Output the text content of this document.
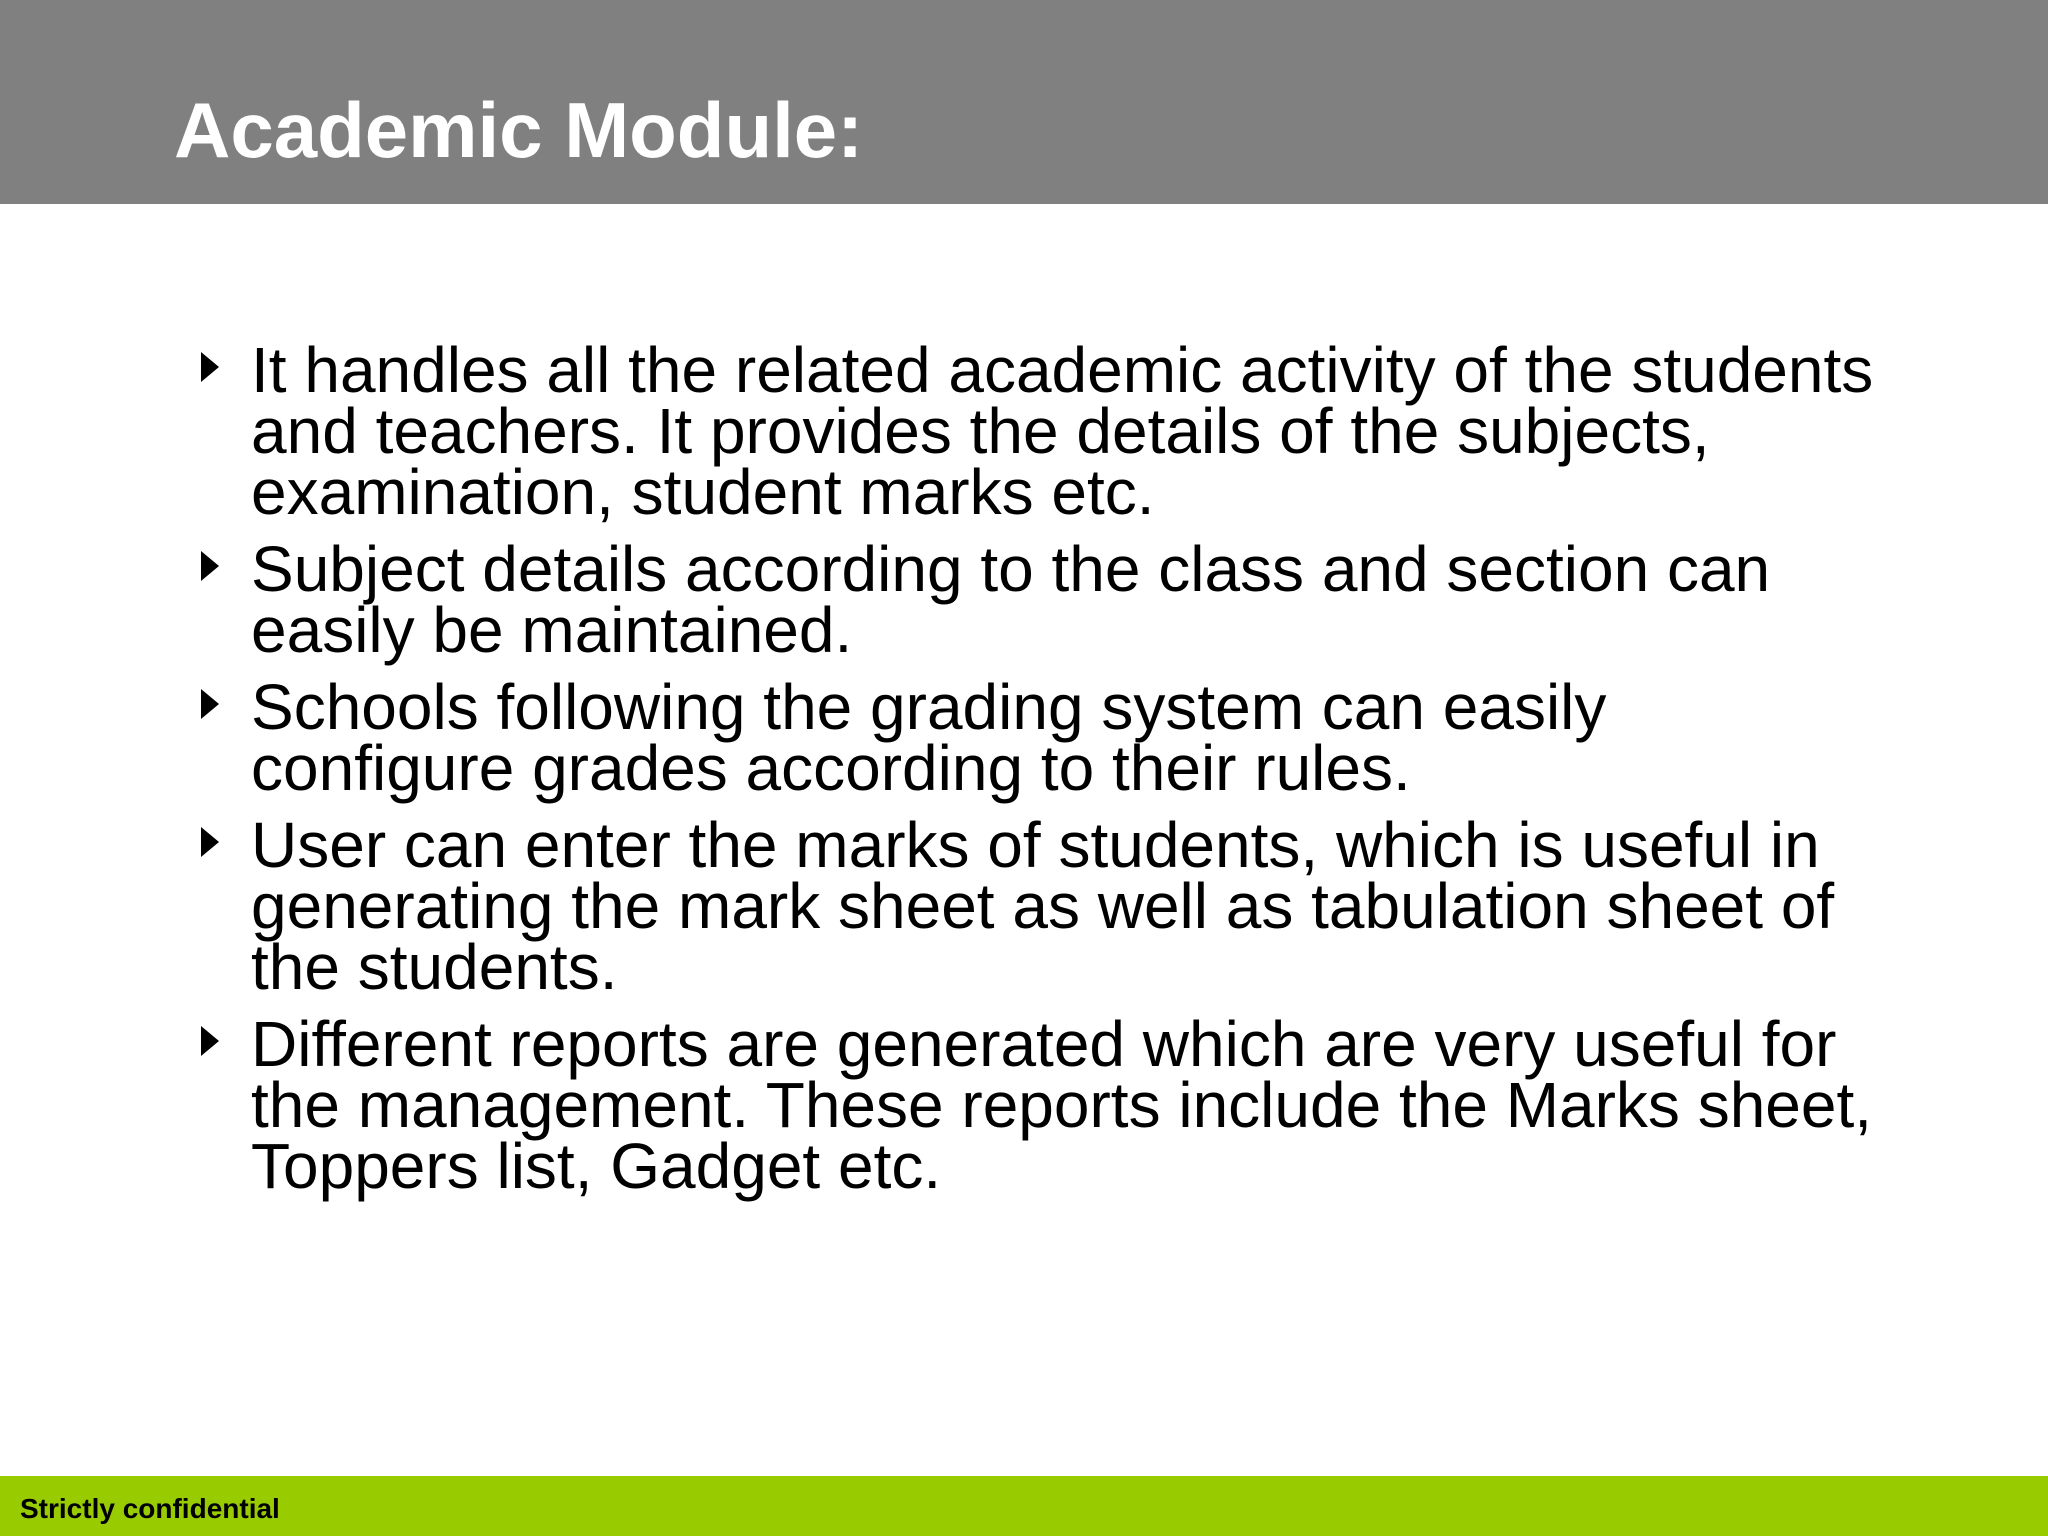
Academic Module:
It handles all the related academic activity of the students and teachers. It provides the details of the subjects, examination, student marks etc.
Subject details according to the class and section can easily be maintained.
Schools following the grading system can easily configure grades according to their rules.
User can enter the marks of students, which is useful in generating the mark sheet as well as tabulation sheet of the students.
Different reports are generated which are very useful for the management. These reports include the Marks sheet, Toppers list, Gadget etc.
Strictly confidential
